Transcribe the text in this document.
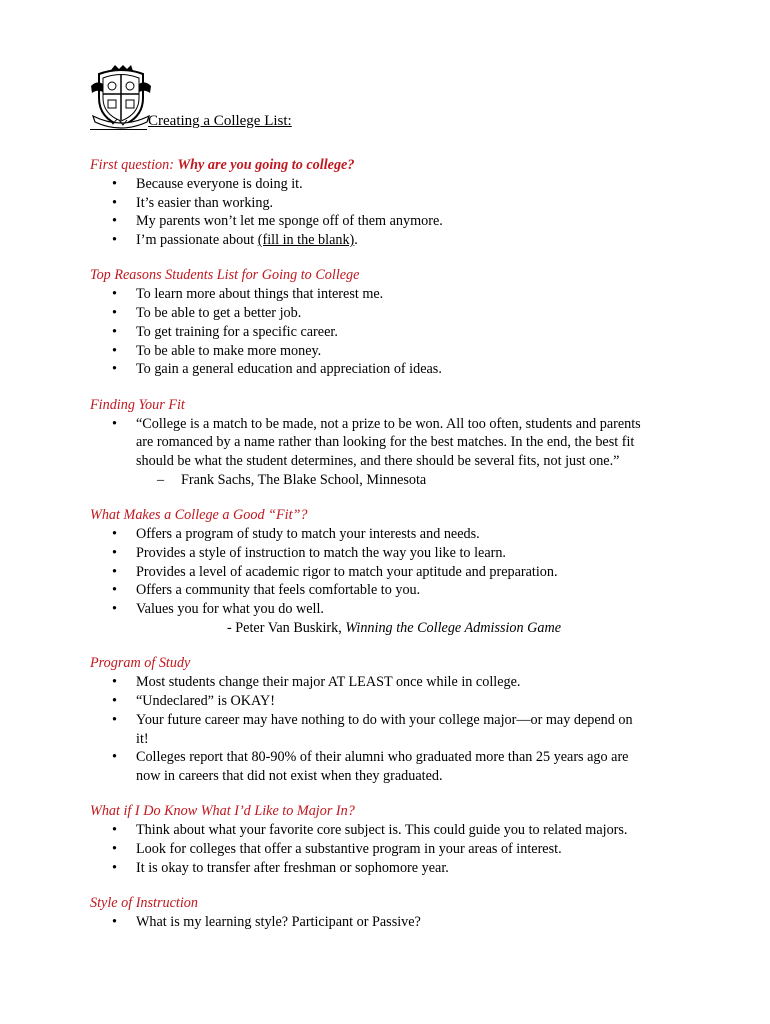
Creating a College List:

First question: Why are you going to college?

• Because everyone is doing it.
• It’s easier than working.
• My parents won’t let me sponge off of them anymore.
• I’m passionate about (fill in the blank).

Top Reasons Students List for Going to College

• To learn more about things that interest me.
• To be able to get a better job.
• To get training for a specific career.
• To be able to make more money.
• To gain a general education and appreciation of ideas.

Finding Your Fit

• “College is a match to be made, not a prize to be won. All too often, students and parents
are romanced by a name rather than looking for the best matches. In the end, the best fit
should be what the student determines, and there should be several fits, not just one.”
– Frank Sachs, The Blake School, Minnesota

What Makes a College a Good “Fit”?

• Offers a program of study to match your interests and needs.
• Provides a style of instruction to match the way you like to learn.
• Provides a level of academic rigor to match your aptitude and preparation.
• Offers a community that feels comfortable to you.
• Values you for what you do well.
- Peter Van Buskirk, Winning the College Admission Game

Program of Study

• Most students change their major AT LEAST once while in college.
• “Undeclared” is OKAY!
• Your future career may have nothing to do with your college major—or may depend on
it!
• Colleges report that 80-90% of their alumni who graduated more than 25 years ago are
now in careers that did not exist when they graduated.

What if I Do Know What I’d Like to Major In?

• Think about what your favorite core subject is. This could guide you to related majors.
• Look for colleges that offer a substantive program in your areas of interest.
• It is okay to transfer after freshman or sophomore year.

Style of Instruction

• What is my learning style? Participant or Passive?
